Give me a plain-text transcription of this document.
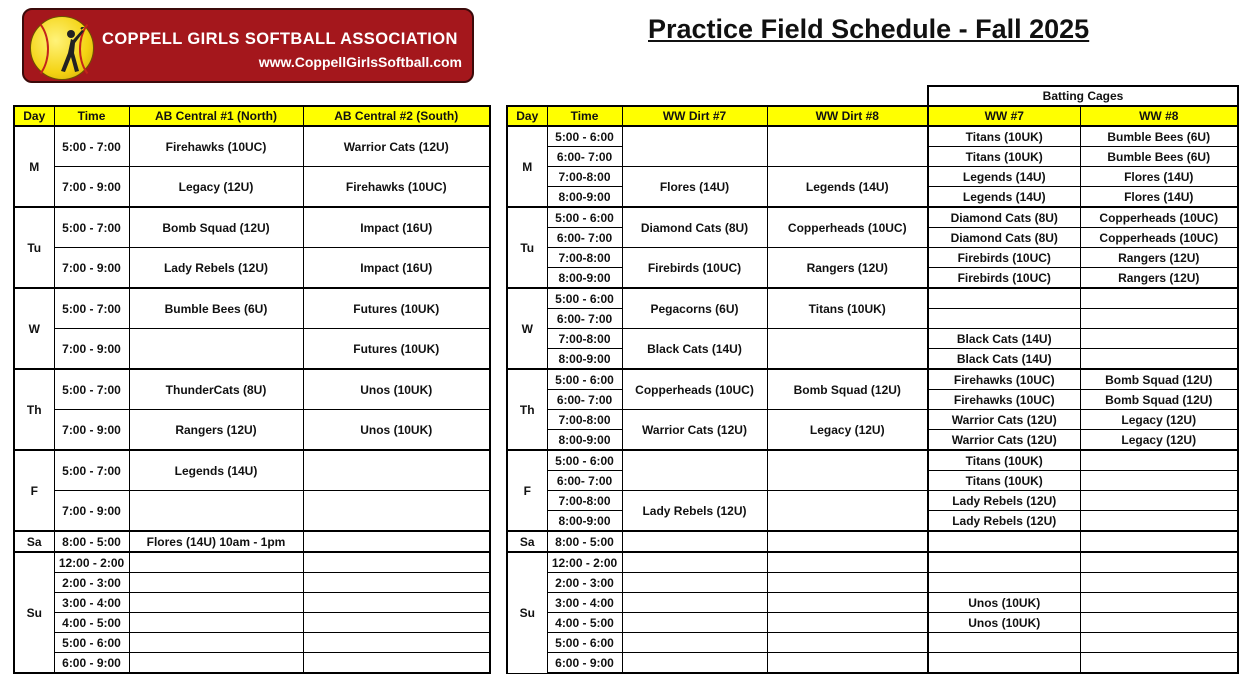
COPPELL GIRLS SOFTBALL ASSOCIATION
www.CoppellGirlsSoftball.com
Practice Field Schedule - Fall 2025
Day	Time	AB Central #1 (North)	AB Central #2 (South)
M	5:00 - 7:00	Firehawks (10UC)	Warrior Cats (12U)
	7:00 - 9:00	Legacy (12U)	Firehawks (10UC)
Tu	5:00 - 7:00	Bomb Squad (12U)	Impact (16U)
	7:00 - 9:00	Lady Rebels (12U)	Impact (16U)
W	5:00 - 7:00	Bumble Bees (6U)	Futures (10UK)
	7:00 - 9:00		Futures (10UK)
Th	5:00 - 7:00	ThunderCats (8U)	Unos (10UK)
	7:00 - 9:00	Rangers (12U)	Unos (10UK)
F	5:00 - 7:00	Legends (14U)	
	7:00 - 9:00		
Sa	8:00 - 5:00	Flores (14U) 10am - 1pm	
Su	12:00 - 2:00		
	2:00 - 3:00		
	3:00 - 4:00		
	4:00 - 5:00		
	5:00 - 6:00		
	6:00 - 9:00		
				Batting Cages	
Day	Time	WW Dirt #7	WW Dirt #8	WW #7	WW #8
M	5:00 - 6:00			Titans (10UK)	Bumble Bees (6U)
	6:00- 7:00			Titans (10UK)	Bumble Bees (6U)
	7:00-8:00	Flores (14U)	Legends (14U)	Legends (14U)	Flores (14U)
	8:00-9:00			Legends (14U)	Flores (14U)
Tu	5:00 - 6:00	Diamond Cats (8U)	Copperheads (10UC)	Diamond Cats (8U)	Copperheads (10UC)
	6:00- 7:00			Diamond Cats (8U)	Copperheads (10UC)
	7:00-8:00	Firebirds (10UC)	Rangers (12U)	Firebirds (10UC)	Rangers (12U)
	8:00-9:00			Firebirds (10UC)	Rangers (12U)
W	5:00 - 6:00	Pegacorns (6U)	Titans (10UK)		
	6:00- 7:00				
	7:00-8:00	Black Cats (14U)		Black Cats (14U)	
	8:00-9:00			Black Cats (14U)	
Th	5:00 - 6:00	Copperheads (10UC)	Bomb Squad (12U)	Firehawks (10UC)	Bomb Squad (12U)
	6:00- 7:00			Firehawks (10UC)	Bomb Squad (12U)
	7:00-8:00	Warrior Cats (12U)	Legacy (12U)	Warrior Cats (12U)	Legacy (12U)
	8:00-9:00			Warrior Cats (12U)	Legacy (12U)
F	5:00 - 6:00			Titans (10UK)	
	6:00- 7:00			Titans (10UK)	
	7:00-8:00	Lady Rebels (12U)		Lady Rebels (12U)	
	8:00-9:00			Lady Rebels (12U)	
Sa	8:00 - 5:00				
Su	12:00 - 2:00				
	2:00 - 3:00				
	3:00 - 4:00			Unos (10UK)	
	4:00 - 5:00			Unos (10UK)	
	5:00 - 6:00				
	6:00 - 9:00				
